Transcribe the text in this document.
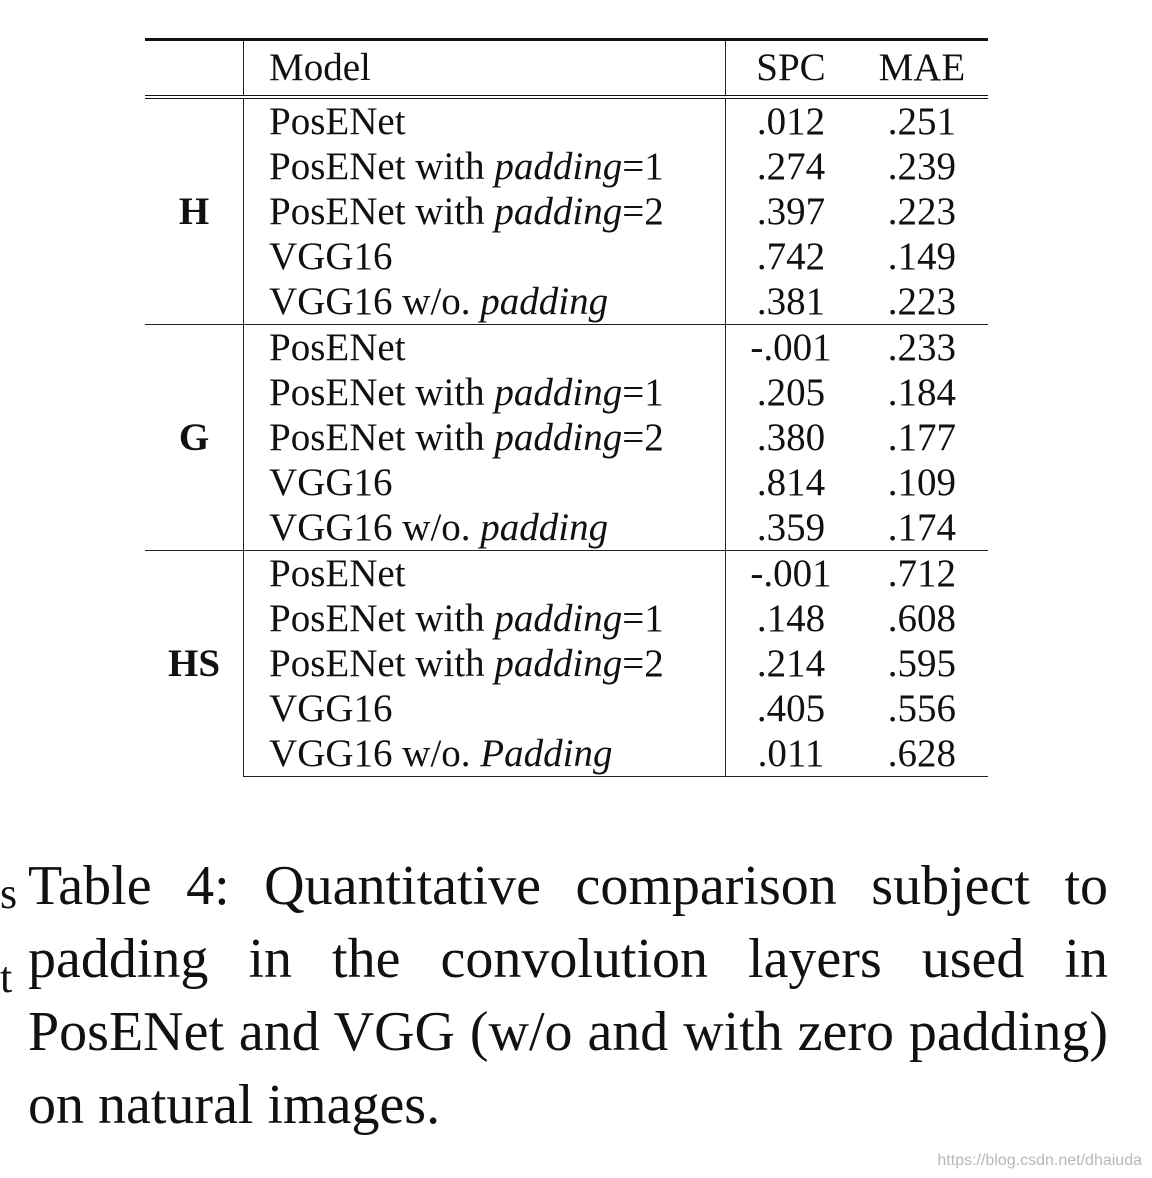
	Model	SPC	MAE
H	PosENet	.012	.251
	PosENet with padding=1	.274	.239
	PosENet with padding=2	.397	.223
	VGG16	.742	.149
	VGG16 w/o. padding	.381	.223
G	PosENet	-.001	.233
	PosENet with padding=1	.205	.184
	PosENet with padding=2	.380	.177
	VGG16	.814	.109
	VGG16 w/o. padding	.359	.174
HS	PosENet	-.001	.712
	PosENet with padding=1	.148	.608
	PosENet with padding=2	.214	.595
	VGG16	.405	.556
	VGG16 w/o. Padding	.011	.628
s
t
Table 4: Quantitative comparison subject to padding in the convolution layers used in PosENet and VGG (w/o and with zero padding) on natural images.
https://blog.csdn.net/dhaiuda
